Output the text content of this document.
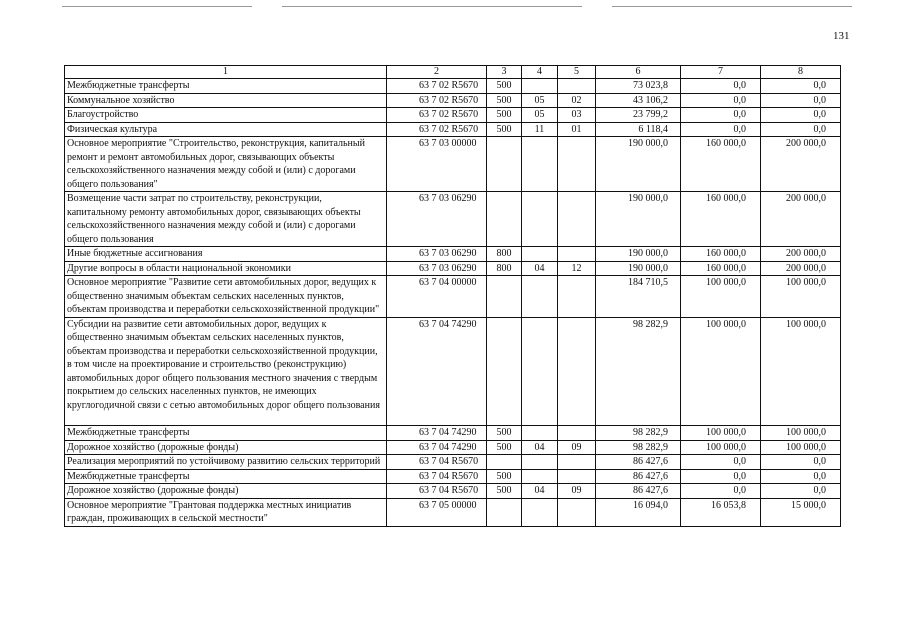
131
1	2	3	4	5	6	7	8
Межбюджетные трансферты	63 7 02 R5670	500			73 023,8	0,0	0,0
Коммунальное хозяйство	63 7 02 R5670	500	05	02	43 106,2	0,0	0,0
Благоустройство	63 7 02 R5670	500	05	03	23 799,2	0,0	0,0
Физическая культура	63 7 02 R5670	500	11	01	6 118,4	0,0	0,0
Основное мероприятие "Строительство, реконструкция, капитальный ремонт и ремонт автомобильных дорог, связывающих объекты сельскохозяйственного назначения между собой и (или) с дорогами общего пользования"	63 7 03 00000				190 000,0	160 000,0	200 000,0
Возмещение части затрат по строительству, реконструкции, капитальному ремонту автомобильных дорог, связывающих объекты сельскохозяйственного назначения между собой и (или) с дорогами общего пользования	63 7 03 06290				190 000,0	160 000,0	200 000,0
Иные бюджетные ассигнования	63 7 03 06290	800			190 000,0	160 000,0	200 000,0
Другие вопросы в области национальной экономики	63 7 03 06290	800	04	12	190 000,0	160 000,0	200 000,0
Основное мероприятие "Развитие сети автомобильных дорог, ведущих к общественно значимым объектам сельских населенных пунктов, объектам производства и переработки сельскохозяйственной продукции"	63 7 04 00000				184 710,5	100 000,0	100 000,0
Субсидии на развитие сети автомобильных дорог, ведущих к общественно значимым объектам сельских населенных пунктов, объектам производства и переработки сельскохозяйственной продукции, в том числе на проектирование и строительство (реконструкцию) автомобильных дорог общего пользования местного значения с твердым покрытием до сельских населенных пунктов, не имеющих круглогодичной связи с сетью автомобильных дорог общего пользования	63 7 04 74290				98 282,9	100 000,0	100 000,0
Межбюджетные трансферты	63 7 04 74290	500			98 282,9	100 000,0	100 000,0
Дорожное хозяйство (дорожные фонды)	63 7 04 74290	500	04	09	98 282,9	100 000,0	100 000,0
Реализация мероприятий по устойчивому развитию сельских территорий	63 7 04 R5670				86 427,6	0,0	0,0
Межбюджетные трансферты	63 7 04 R5670	500			86 427,6	0,0	0,0
Дорожное хозяйство (дорожные фонды)	63 7 04 R5670	500	04	09	86 427,6	0,0	0,0
Основное мероприятие "Грантовая поддержка местных инициатив граждан, проживающих в сельской местности"	63 7 05 00000				16 094,0	16 053,8	15 000,0
